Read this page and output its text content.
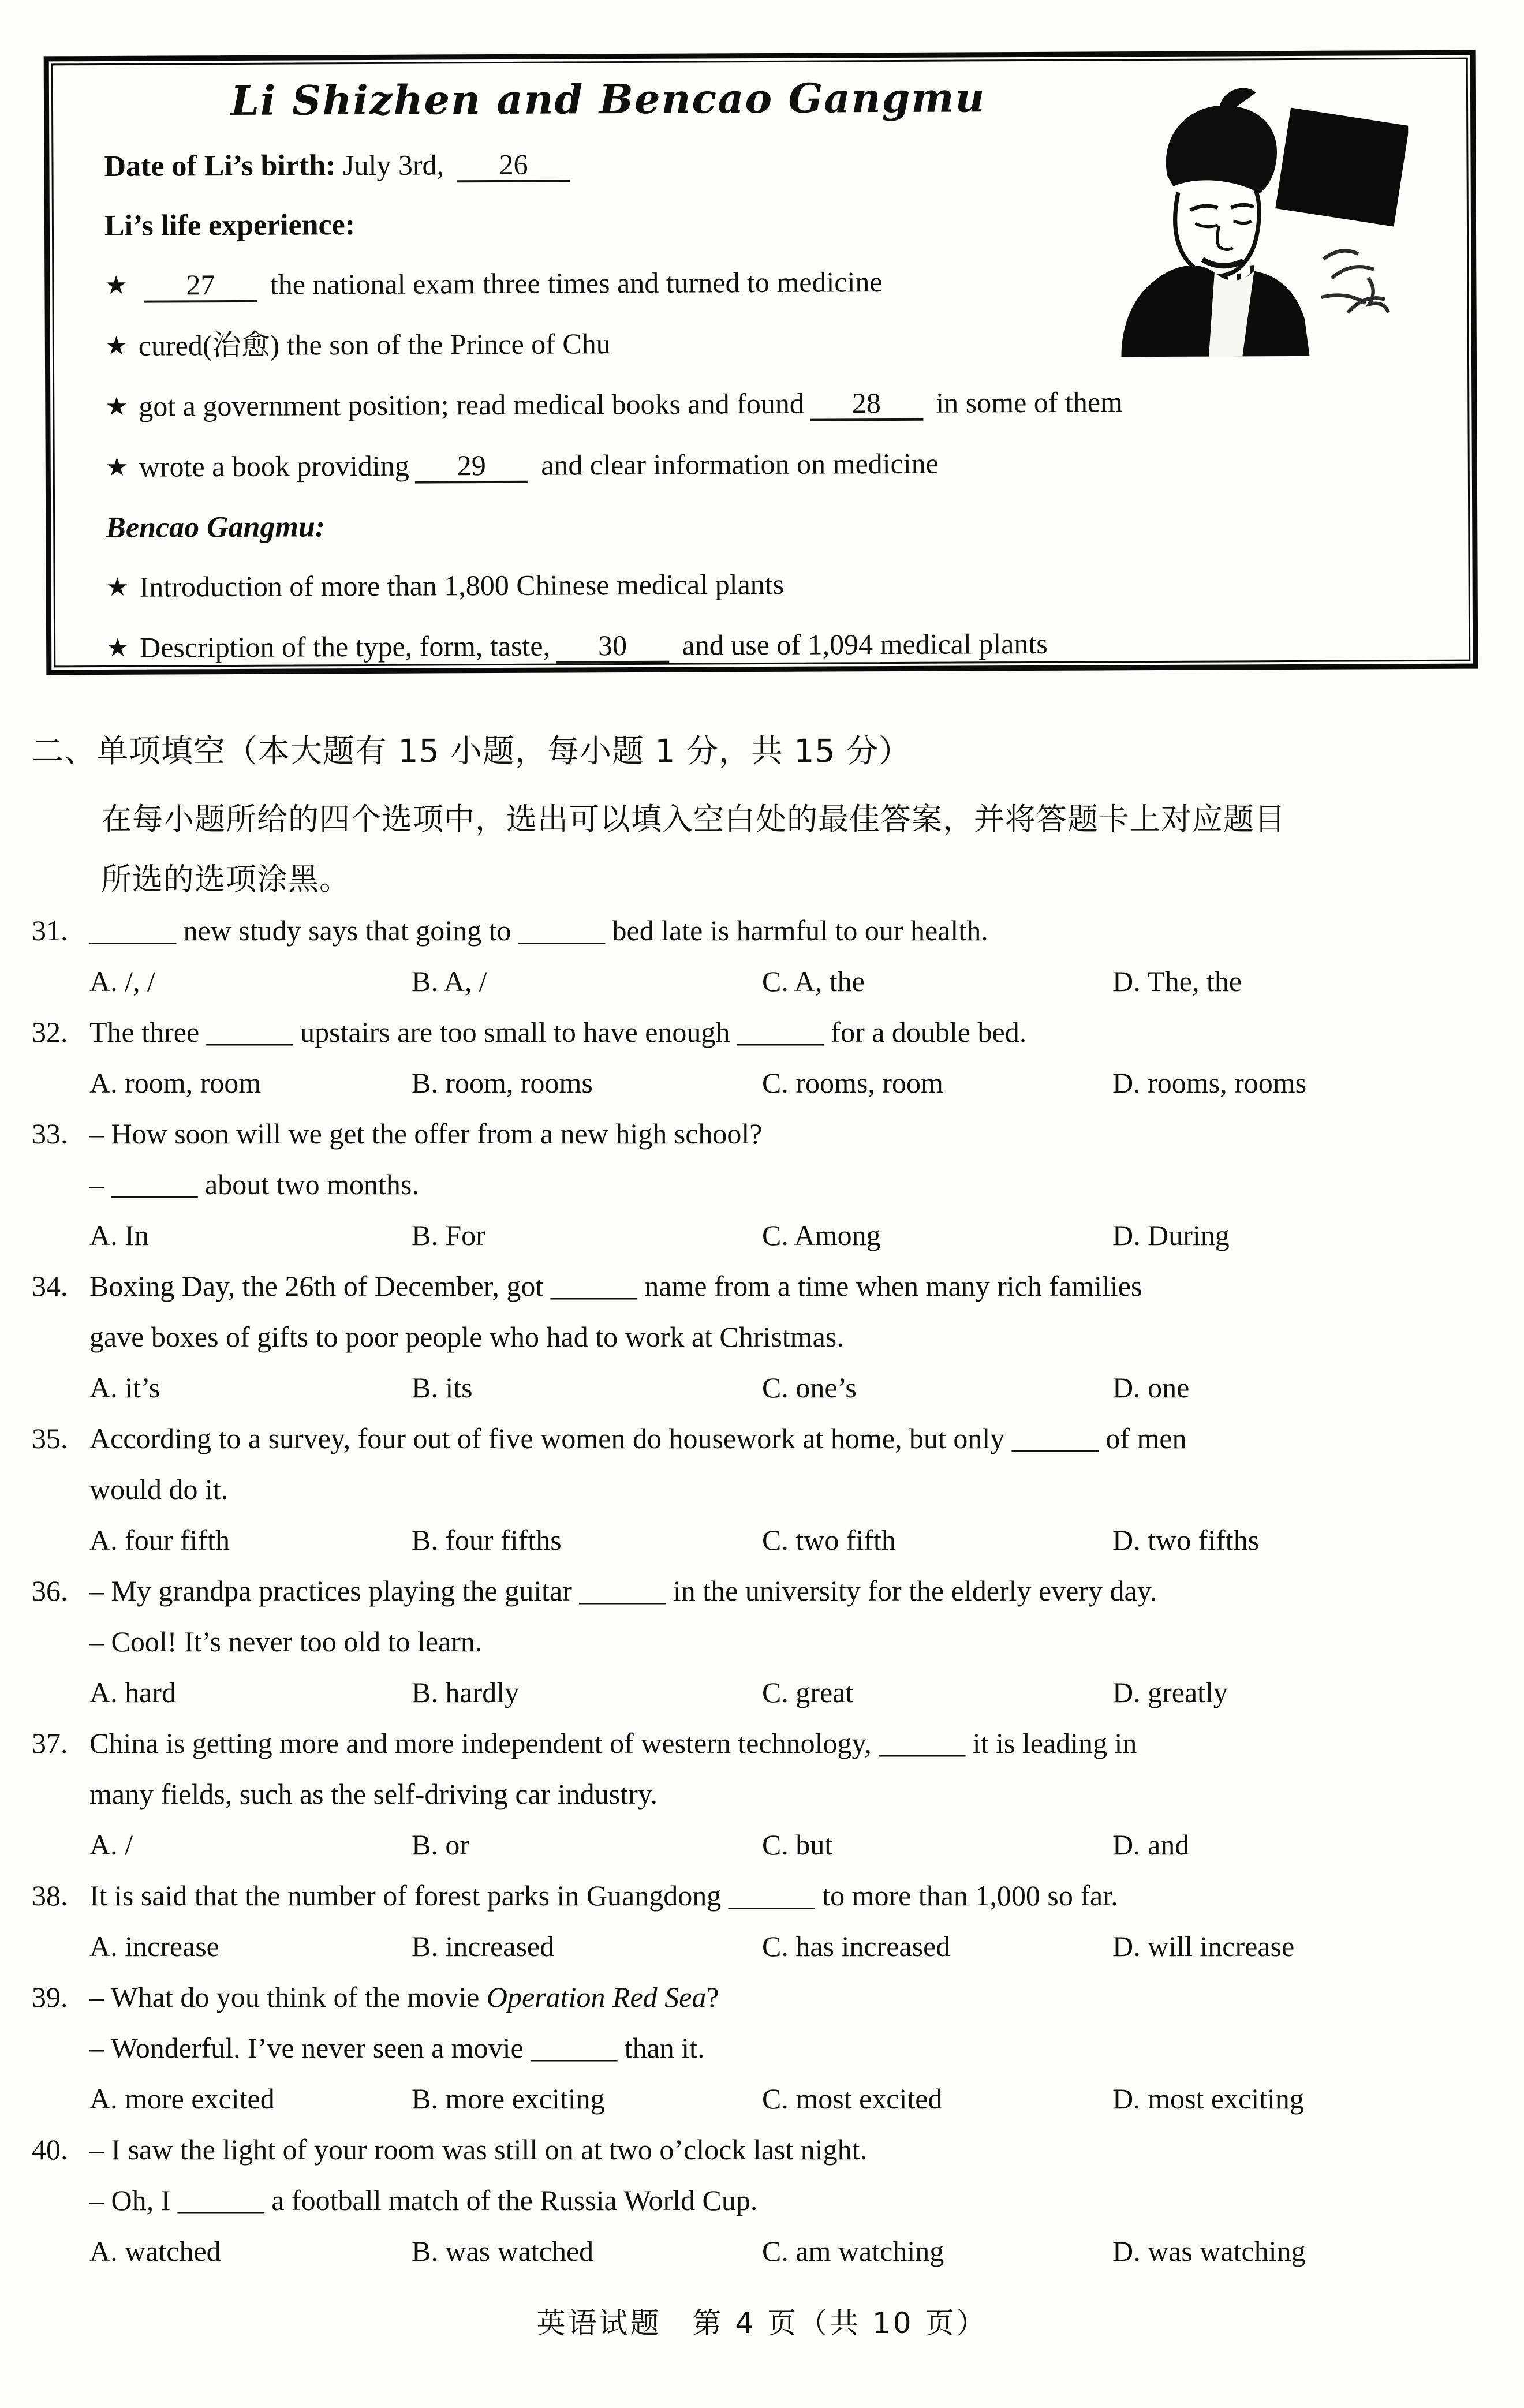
Li Shizhen and Bencao Gangmu
Date of Li’s birth: July 3rd, 26
Li’s life experience:
★ 27 the national exam three times and turned to medicine
★ cured(治愈) the son of the Prince of Chu
★ got a government position; read medical books and found 28 in some of them
★ wrote a book providing 29 and clear information on medicine
Bencao Gangmu:
★ Introduction of more than 1,800 Chinese medical plants
★ Description of the type, form, taste, 30 and use of 1,094 medical plants
二、单项填空（本大题有 15 小题，每小题 1 分，共 15 分）
在每小题所给的四个选项中，选出可以填入空白处的最佳答案，并将答题卡上对应题目
所选的选项涂黑。
31. ______ new study says that going to ______ bed late is harmful to our health.
A. /, /	B. A, /	C. A, the	D. The, the
32. The three ______ upstairs are too small to have enough ______ for a double bed.
A. room, room	B. room, rooms	C. rooms, room	D. rooms, rooms
33. – How soon will we get the offer from a new high school?
– ______ about two months.
A. In	B. For	C. Among	D. During
34. Boxing Day, the 26th of December, got ______ name from a time when many rich families
gave boxes of gifts to poor people who had to work at Christmas.
A. it’s	B. its	C. one’s	D. one
35. According to a survey, four out of five women do housework at home, but only ______ of men
would do it.
A. four fifth	B. four fifths	C. two fifth	D. two fifths
36. – My grandpa practices playing the guitar ______ in the university for the elderly every day.
– Cool! It’s never too old to learn.
A. hard	B. hardly	C. great	D. greatly
37. China is getting more and more independent of western technology, ______ it is leading in
many fields, such as the self-driving car industry.
A. /	B. or	C. but	D. and
38. It is said that the number of forest parks in Guangdong ______ to more than 1,000 so far.
A. increase	B. increased	C. has increased	D. will increase
39. – What do you think of the movie Operation Red Sea?
– Wonderful. I’ve never seen a movie ______ than it.
A. more excited	B. more exciting	C. most excited	D. most exciting
40. – I saw the light of your room was still on at two o’clock last night.
– Oh, I ______ a football match of the Russia World Cup.
A. watched	B. was watched	C. am watching	D. was watching
英语试题　第 4 页（共 10 页）
